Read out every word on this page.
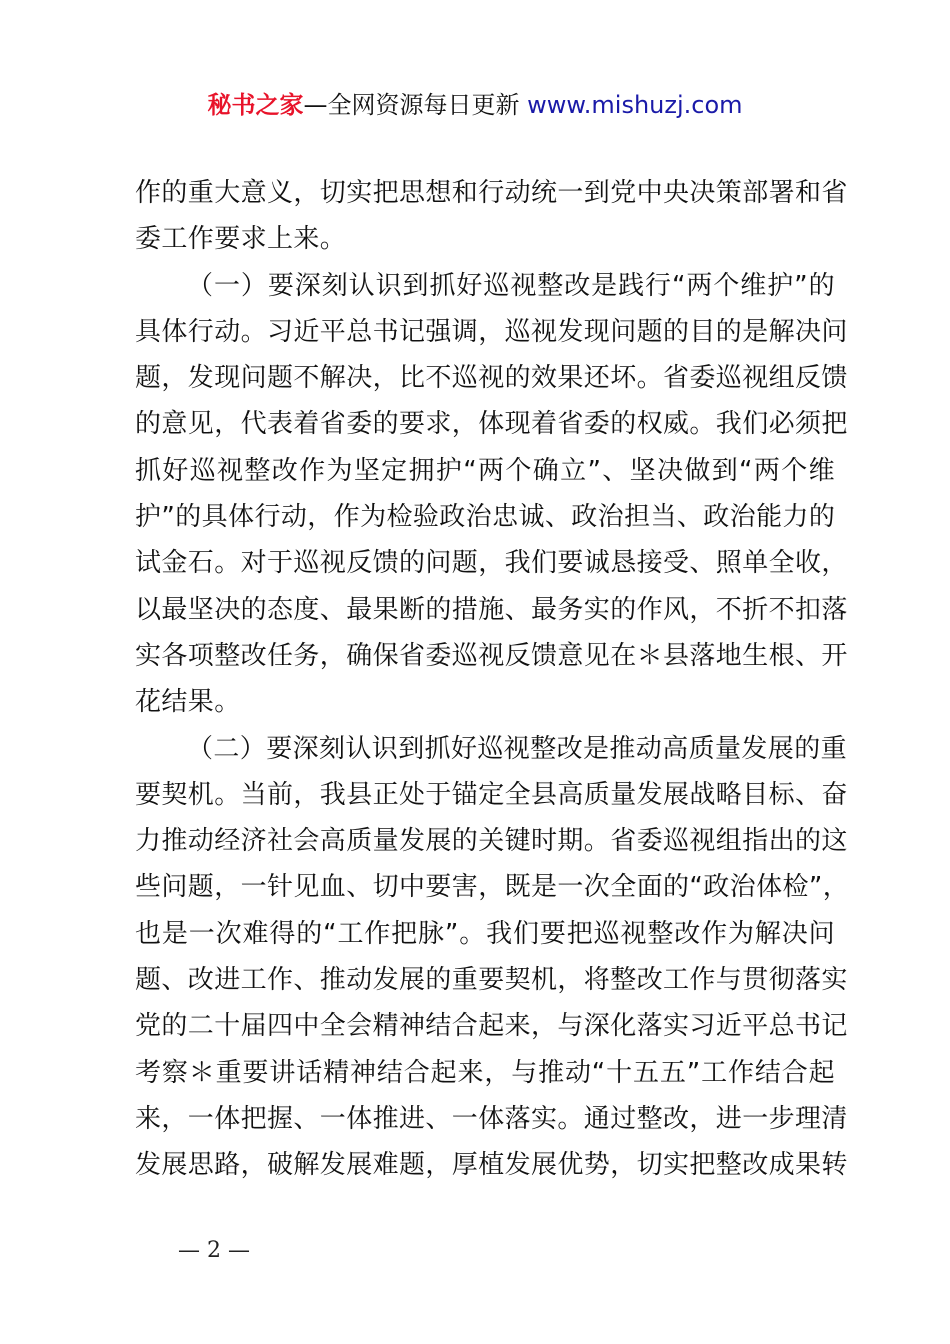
秘书之家—全网资源每日更新 www.mishuzj.com
作的重大意义，切实把思想和行动统一到党中央决策部署和省
委工作要求上来。
（一）要深刻认识到抓好巡视整改是践行“两个维护”的
具体行动。习近平总书记强调，巡视发现问题的目的是解决问
题，发现问题不解决，比不巡视的效果还坏。省委巡视组反馈
的意见，代表着省委的要求，体现着省委的权威。我们必须把
抓好巡视整改作为坚定拥护“两个确立”、坚决做到“两个维
护”的具体行动，作为检验政治忠诚、政治担当、政治能力的
试金石。对于巡视反馈的问题，我们要诚恳接受、照单全收，
以最坚决的态度、最果断的措施、最务实的作风，不折不扣落
实各项整改任务，确保省委巡视反馈意见在＊县落地生根、开
花结果。
（二）要深刻认识到抓好巡视整改是推动高质量发展的重
要契机。当前，我县正处于锚定全县高质量发展战略目标、奋
力推动经济社会高质量发展的关键时期。省委巡视组指出的这
些问题，一针见血、切中要害，既是一次全面的“政治体检”，
也是一次难得的“工作把脉”。我们要把巡视整改作为解决问
题、改进工作、推动发展的重要契机，将整改工作与贯彻落实
党的二十届四中全会精神结合起来，与深化落实习近平总书记
考察＊重要讲话精神结合起来，与推动“十五五”工作结合起
来，一体把握、一体推进、一体落实。通过整改，进一步理清
发展思路，破解发展难题，厚植发展优势，切实把整改成果转
— 2 —
